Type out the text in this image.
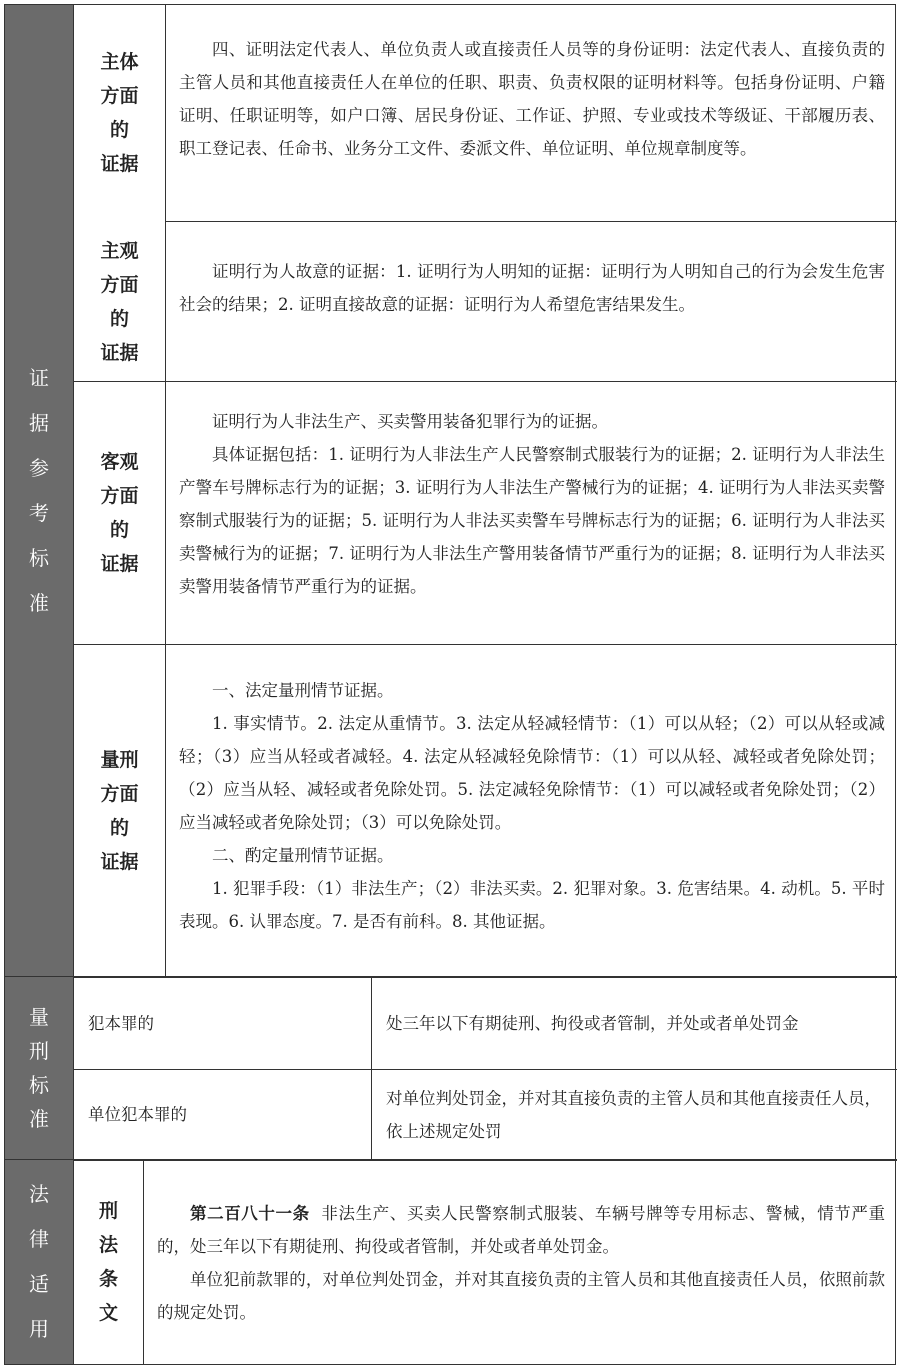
证
据
参
考
标
准
主体
方面
的
证据

四、证明法定代表人、单位负责人或直接责任人员等的身份证明：法定代表人、直接负责的主管人员和其他直接责任人在单位的任职、职责、负责权限的证明材料等。包括身份证明、户籍证明、任职证明等，如户口簿、居民身份证、工作证、护照、专业或技术等级证、干部履历表、职工登记表、任命书、业务分工文件、委派文件、单位证明、单位规章制度等。

主观
方面
的
证据

证明行为人故意的证据：1. 证明行为人明知的证据：证明行为人明知自己的行为会发生危害社会的结果；2. 证明直接故意的证据：证明行为人希望危害结果发生。

客观
方面
的
证据

证明行为人非法生产、买卖警用装备犯罪行为的证据。

具体证据包括：1. 证明行为人非法生产人民警察制式服装行为的证据；2. 证明行为人非法生产警车号牌标志行为的证据；3. 证明行为人非法生产警械行为的证据；4. 证明行为人非法买卖警察制式服装行为的证据；5. 证明行为人非法买卖警车号牌标志行为的证据；6. 证明行为人非法买卖警械行为的证据；7. 证明行为人非法生产警用装备情节严重行为的证据；8. 证明行为人非法买卖警用装备情节严重行为的证据。

量刑
方面
的
证据

一、法定量刑情节证据。

1. 事实情节。2. 法定从重情节。3. 法定从轻减轻情节：（1）可以从轻；（2）可以从轻或减轻；（3）应当从轻或者减轻。4. 法定从轻减轻免除情节：（1）可以从轻、减轻或者免除处罚；（2）应当从轻、减轻或者免除处罚。5. 法定减轻免除情节：（1）可以减轻或者免除处罚；（2）应当减轻或者免除处罚；（3）可以免除处罚。

二、酌定量刑情节证据。

1. 犯罪手段：（1）非法生产；（2）非法买卖。2. 犯罪对象。3. 危害结果。4. 动机。5. 平时表现。6. 认罪态度。7. 是否有前科。8. 其他证据。

量
刑
标
准
犯本罪的	处三年以下有期徒刑、拘役或者管制，并处或者单处罚金
单位犯本罪的
对单位判处罚金，并对其直接负责的主管人员和其他直接责任人员，依上述规定处罚
法
律
适
用
刑
法
条
文

第二百八十一条 非法生产、买卖人民警察制式服装、车辆号牌等专用标志、警械，情节严重的，处三年以下有期徒刑、拘役或者管制，并处或者单处罚金。

单位犯前款罪的，对单位判处罚金，并对其直接负责的主管人员和其他直接责任人员，依照前款的规定处罚。
